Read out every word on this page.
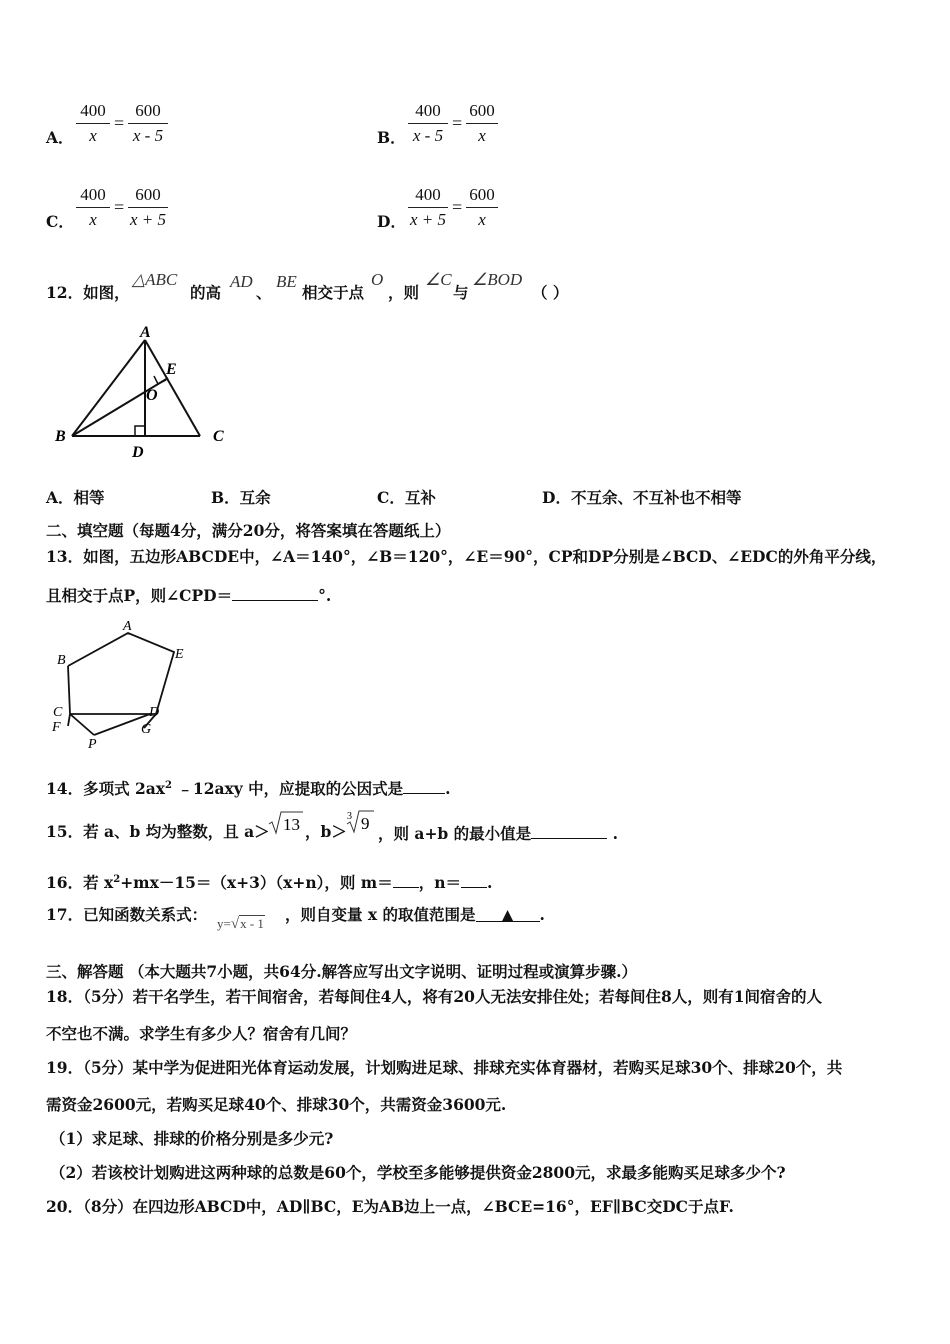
A．
400
x
=
600
x - 5	B．
400
x - 5
=
600
x
C．
400
x
=
600
x + 5	D．
400
x + 5
=
600
x
12．如图，
△ABC
的高
AD
、
BE
相交于点
O
，则
∠C
与
∠BOD
（ ）
A
B	C
D
E
O
A．相等	B．互余	C．互补	D．不互余、不互补也不相等
二、填空题（每题4分，满分20分，将答案填在答题纸上）
13．如图，五边形ABCDE中，∠A＝140°，∠B＝120°，∠E＝90°，CP和DP分别是∠BCD、∠EDC的外角平分线，
且相交于点P，则∠CPD＝	°.
A
B	E
C
F
D
G
P
14．多项式 $2ax^2$ ﹣12axy 中，应提取的公因式是	.
15．若 a、b 均为整数，且 a＞ 13 ，b＞
3 9
，则 a+b 的最小值是	.
16．若 $x^2+mx-15=(x+3)(x+n)$，则 m＝ ，n＝ .
17．已知函数关系式： y=√x - 1 ，则自变量 x 的取值范围是 ▲ .
三、解答题 （本大题共7小题，共64分.解答应写出文字说明、证明过程或演算步骤.）
18．（5分）若干名学生，若干间宿舍，若每间住4人，将有20人无法安排住处；若每间住8人，则有1间宿舍的人
不空也不满。求学生有多少人？宿舍有几间？
19．（5分）某中学为促进阳光体育运动发展，计划购进足球、排球充实体育器材，若购买足球30个、排球20个，共
需资金2600元，若购买足球40个、排球30个，共需资金3600元.
（1）求足球、排球的价格分别是多少元?
（2）若该校计划购进这两种球的总数是60个，学校至多能够提供资金2800元，求最多能购买足球多少个?
20．（8分）在四边形ABCD中，AD∥BC，E为AB边上一点，∠BCE=16°，EF∥BC交DC于点F.
